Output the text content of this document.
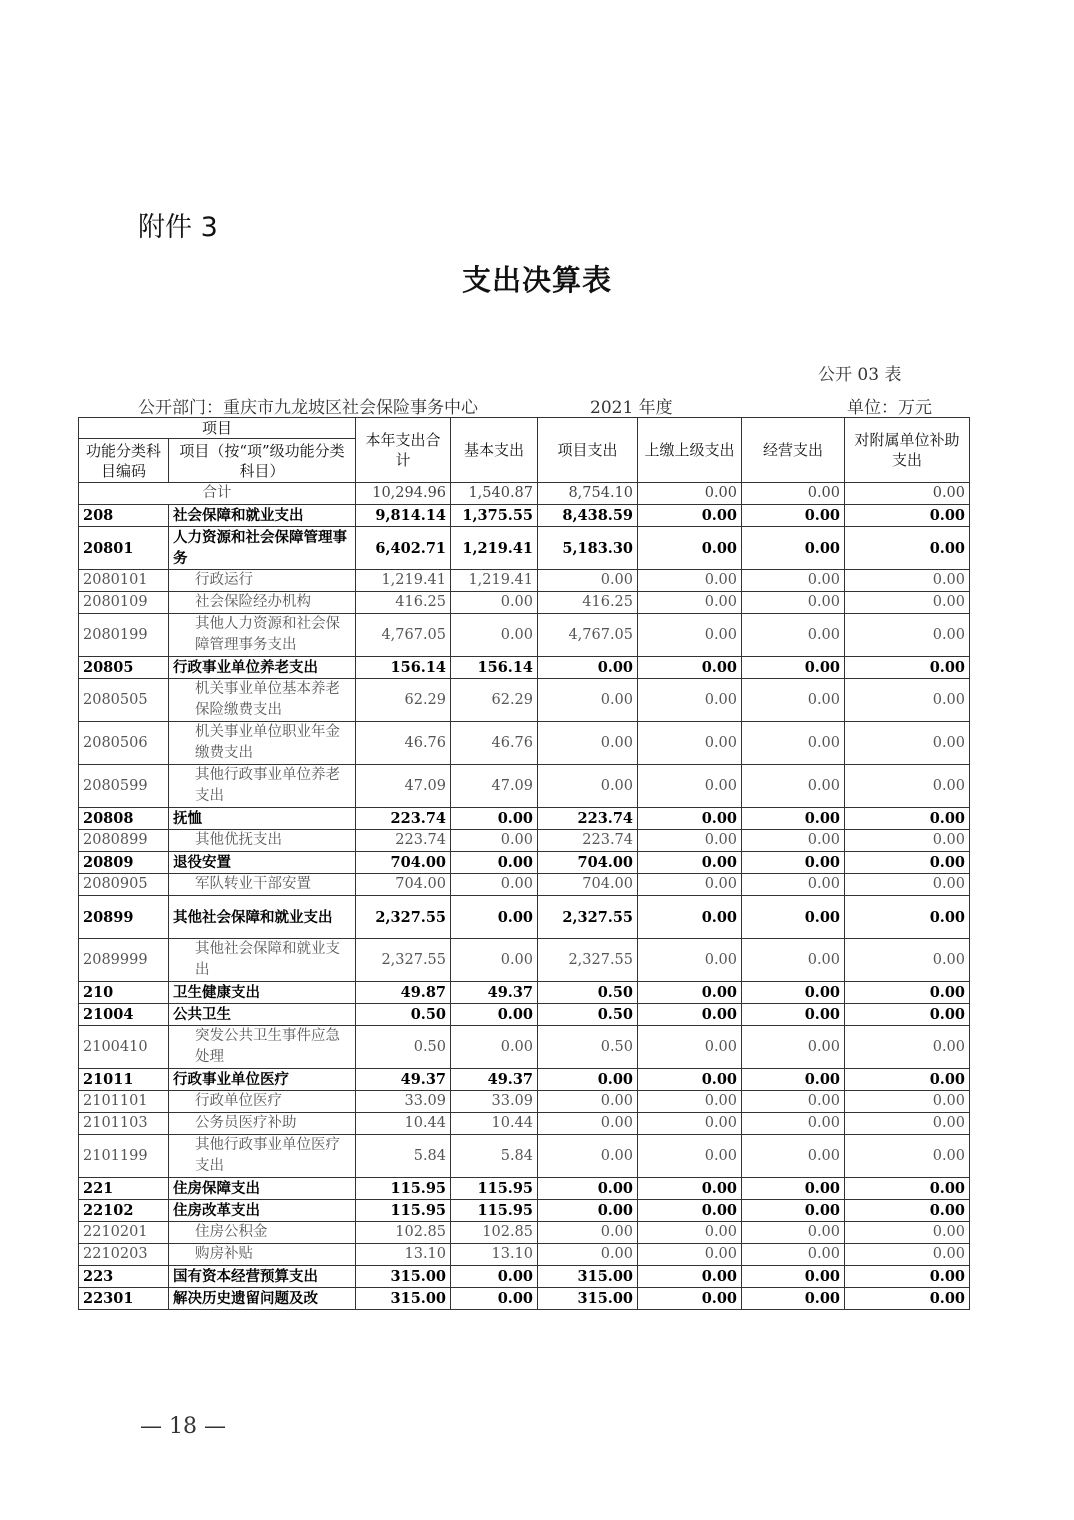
附件 3
支出决算表
公开 03 表
公开部门：重庆市九龙坡区社会保险事务中心	2021 年度	单位：万元
项目		本年支出合计	基本支出	项目支出	上缴上级支出	经营支出	对附属单位补助支出
功能分类科目编码	项目（按“项”级功能分类科目）						
合计		10,294.96	1,540.87	8,754.10	0.00	0.00	0.00
208	社会保障和就业支出	9,814.14	1,375.55	8,438.59	0.00	0.00	0.00
20801	人力资源和社会保障管理事务	6,402.71	1,219.41	5,183.30	0.00	0.00	0.00
2080101	行政运行	1,219.41	1,219.41	0.00	0.00	0.00	0.00
2080109	社会保险经办机构	416.25	0.00	416.25	0.00	0.00	0.00
2080199	其他人力资源和社会保障管理事务支出	4,767.05	0.00	4,767.05	0.00	0.00	0.00
20805	行政事业单位养老支出	156.14	156.14	0.00	0.00	0.00	0.00
2080505	机关事业单位基本养老保险缴费支出	62.29	62.29	0.00	0.00	0.00	0.00
2080506	机关事业单位职业年金缴费支出	46.76	46.76	0.00	0.00	0.00	0.00
2080599	其他行政事业单位养老支出	47.09	47.09	0.00	0.00	0.00	0.00
20808	抚恤	223.74	0.00	223.74	0.00	0.00	0.00
2080899	其他优抚支出	223.74	0.00	223.74	0.00	0.00	0.00
20809	退役安置	704.00	0.00	704.00	0.00	0.00	0.00
2080905	军队转业干部安置	704.00	0.00	704.00	0.00	0.00	0.00
20899	其他社会保障和就业支出	2,327.55	0.00	2,327.55	0.00	0.00	0.00
2089999	其他社会保障和就业支出	2,327.55	0.00	2,327.55	0.00	0.00	0.00
210	卫生健康支出	49.87	49.37	0.50	0.00	0.00	0.00
21004	公共卫生	0.50	0.00	0.50	0.00	0.00	0.00
2100410	突发公共卫生事件应急处理	0.50	0.00	0.50	0.00	0.00	0.00
21011	行政事业单位医疗	49.37	49.37	0.00	0.00	0.00	0.00
2101101	行政单位医疗	33.09	33.09	0.00	0.00	0.00	0.00
2101103	公务员医疗补助	10.44	10.44	0.00	0.00	0.00	0.00
2101199	其他行政事业单位医疗支出	5.84	5.84	0.00	0.00	0.00	0.00
221	住房保障支出	115.95	115.95	0.00	0.00	0.00	0.00
22102	住房改革支出	115.95	115.95	0.00	0.00	0.00	0.00
2210201	住房公积金	102.85	102.85	0.00	0.00	0.00	0.00
2210203	购房补贴	13.10	13.10	0.00	0.00	0.00	0.00
223	国有资本经营预算支出	315.00	0.00	315.00	0.00	0.00	0.00
22301	解决历史遗留问题及改	315.00	0.00	315.00	0.00	0.00	0.00
— 18 —
